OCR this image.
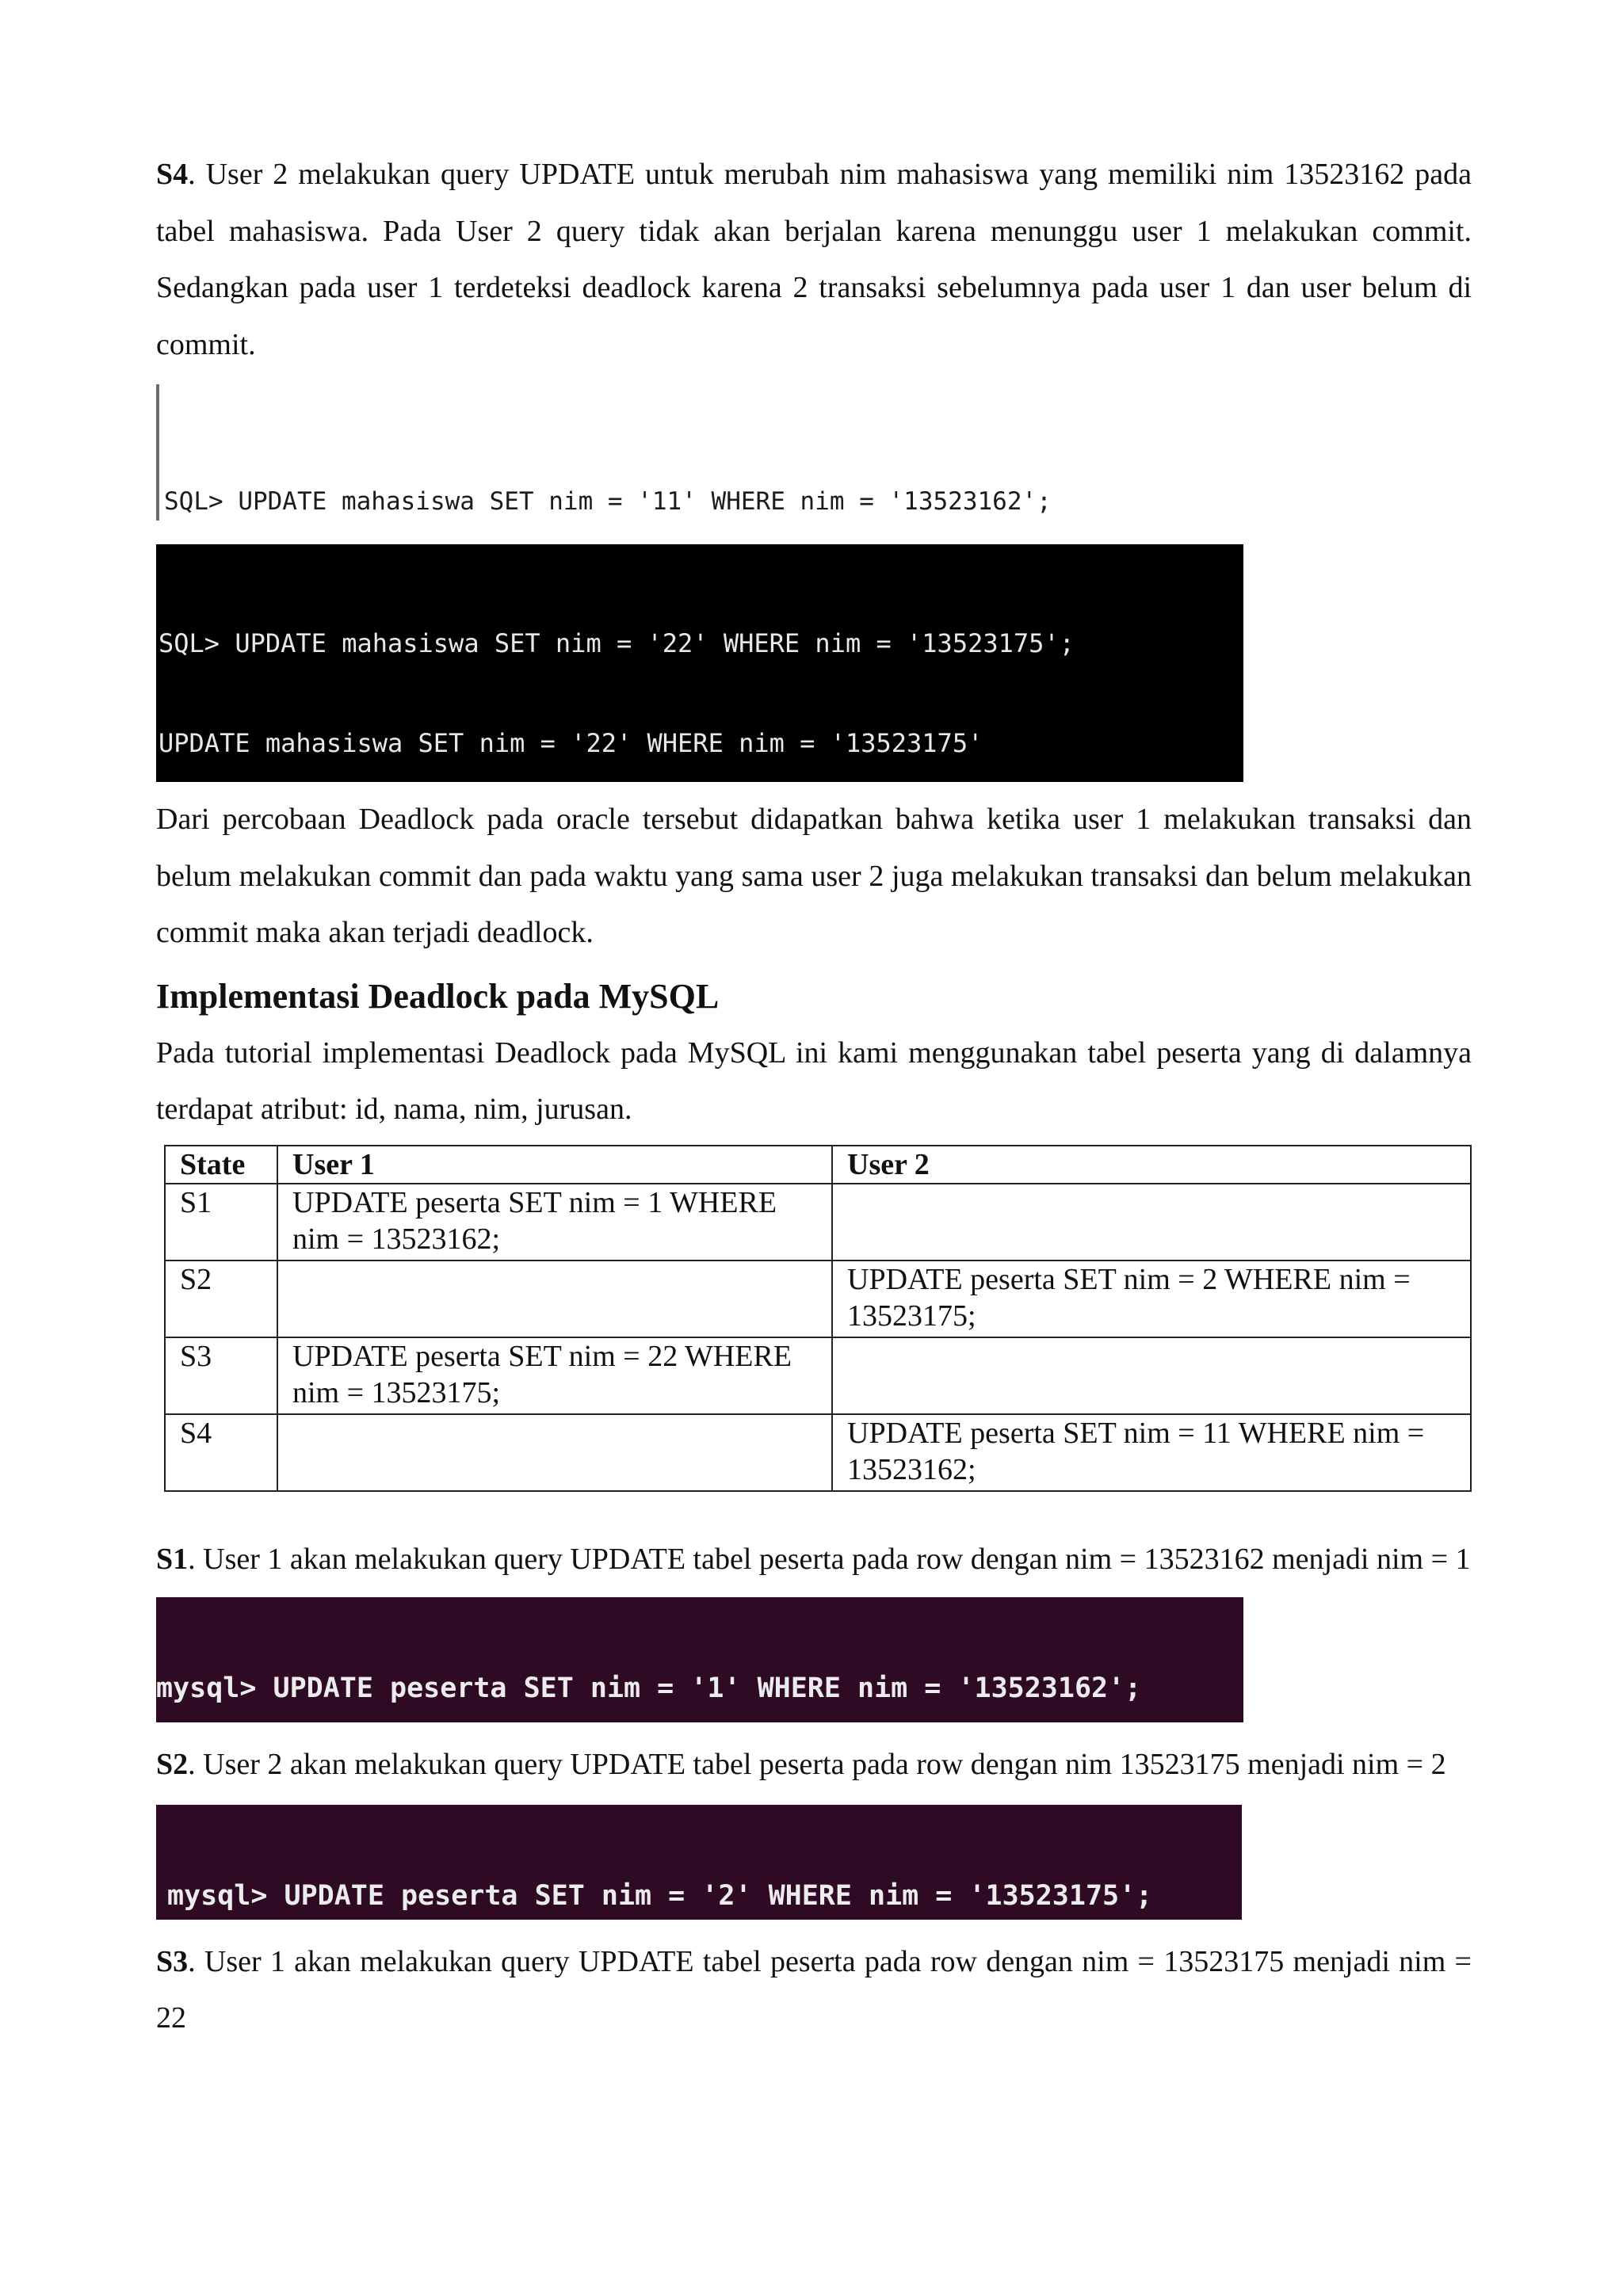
S4. User 2 melakukan query UPDATE untuk merubah nim mahasiswa yang memiliki nim 13523162 pada tabel mahasiswa. Pada User 2 query tidak akan berjalan karena menunggu user 1 melakukan commit. Sedangkan pada user 1 terdeteksi deadlock karena 2 transaksi sebelumnya pada user 1 dan user belum di commit.

SQL> UPDATE mahasiswa SET nim = '11' WHERE nim = '13523162';

SQL> UPDATE mahasiswa SET nim = '22' WHERE nim = '13523175';

UPDATE mahasiswa SET nim = '22' WHERE nim = '13523175'

Dari percobaan Deadlock pada oracle tersebut didapatkan bahwa ketika user 1 melakukan transaksi dan belum melakukan commit dan pada waktu yang sama user 2 juga melakukan transaksi dan belum melakukan commit maka akan terjadi deadlock.

Implementasi Deadlock pada MySQL

Pada tutorial implementasi Deadlock pada MySQL ini kami menggunakan tabel peserta yang di dalamnya terdapat atribut: id, nama, nim, jurusan.

State	User 1	User 2
S1	UPDATE peserta SET nim = 1 WHERE nim = 13523162;	
S2		UPDATE peserta SET nim = 2 WHERE nim = 13523175;
S3	UPDATE peserta SET nim = 22 WHERE nim = 13523175;	
S4		UPDATE peserta SET nim = 11 WHERE nim = 13523162;

S1. User 1 akan melakukan query UPDATE tabel peserta pada row dengan nim = 13523162 menjadi nim = 1

mysql> UPDATE peserta SET nim = '1' WHERE nim = '13523162';

S2. User 2 akan melakukan query UPDATE tabel peserta pada row dengan nim 13523175 menjadi nim = 2

mysql> UPDATE peserta SET nim = '2' WHERE nim = '13523175';

S3. User 1 akan melakukan query UPDATE tabel peserta pada row dengan nim = 13523175 menjadi nim = 22
